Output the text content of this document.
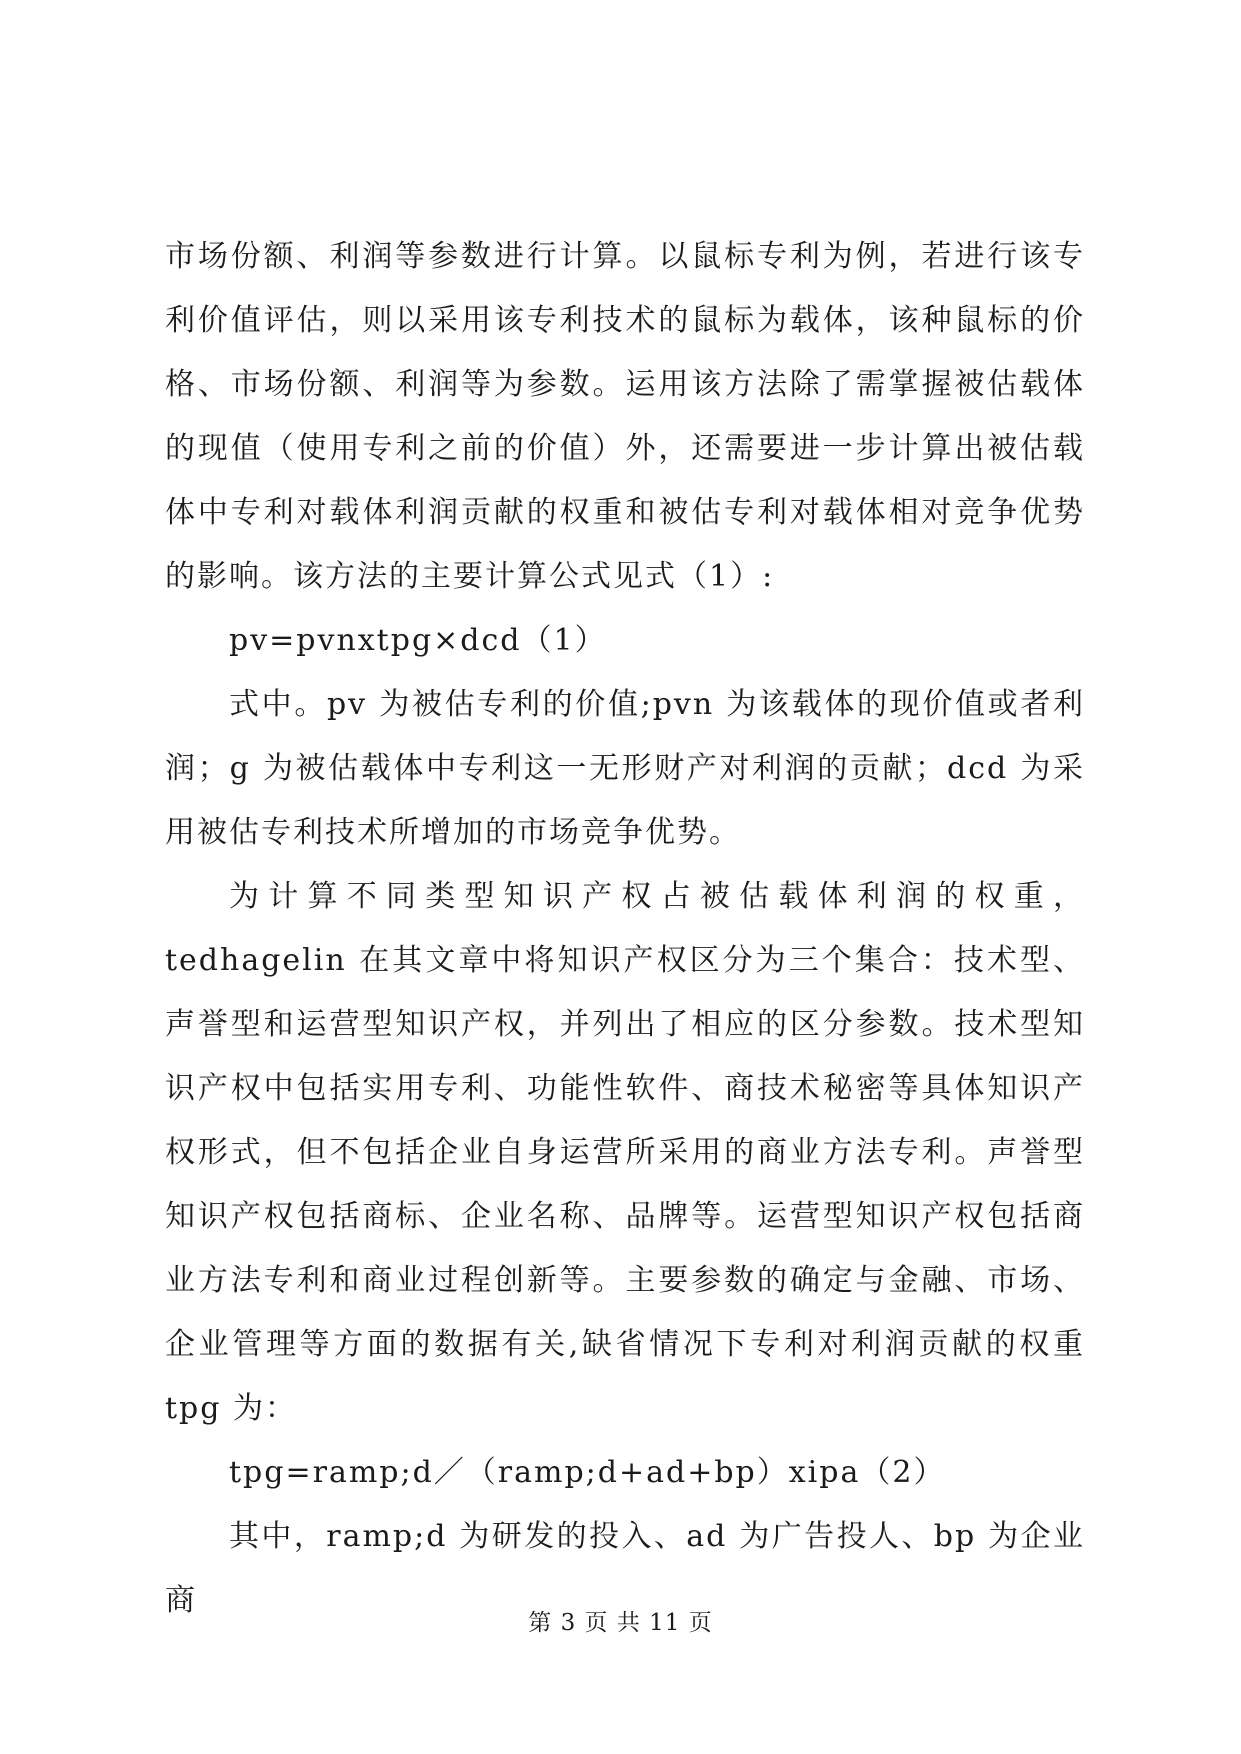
市场份额、利润等参数进行计算。以鼠标专利为例，若进行该专利价值评估，则以采用该专利技术的鼠标为载体，该种鼠标的价格、市场份额、利润等为参数。运用该方法除了需掌握被估载体的现值（使用专利之前的价值）外，还需要进一步计算出被估载体中专利对载体利润贡献的权重和被估专利对载体相对竞争优势的影响。该方法的主要计算公式见式（1）:

pv=pvnxtpg×dcd（1）

式中。pv 为被估专利的价值;pvn 为该载体的现价值或者利润；g 为被估载体中专利这一无形财产对利润的贡献；dcd 为采用被估专利技术所增加的市场竞争优势。

为计算不同类型知识产权占被估载体利润的权重，tedhagelin 在其文章中将知识产权区分为三个集合：技术型、声誉型和运营型知识产权，并列出了相应的区分参数。技术型知识产权中包括实用专利、功能性软件、商技术秘密等具体知识产权形式，但不包括企业自身运营所采用的商业方法专利。声誉型知识产权包括商标、企业名称、品牌等。运营型知识产权包括商业方法专利和商业过程创新等。主要参数的确定与金融、市场、企业管理等方面的数据有关,缺省情况下专利对利润贡献的权重 tpg 为：

tpg=ramp;d／（ramp;d+ad+bp）xipa（2）

其中，ramp;d 为研发的投入、ad 为广告投人、bp 为企业商

第 3 页 共 11 页
